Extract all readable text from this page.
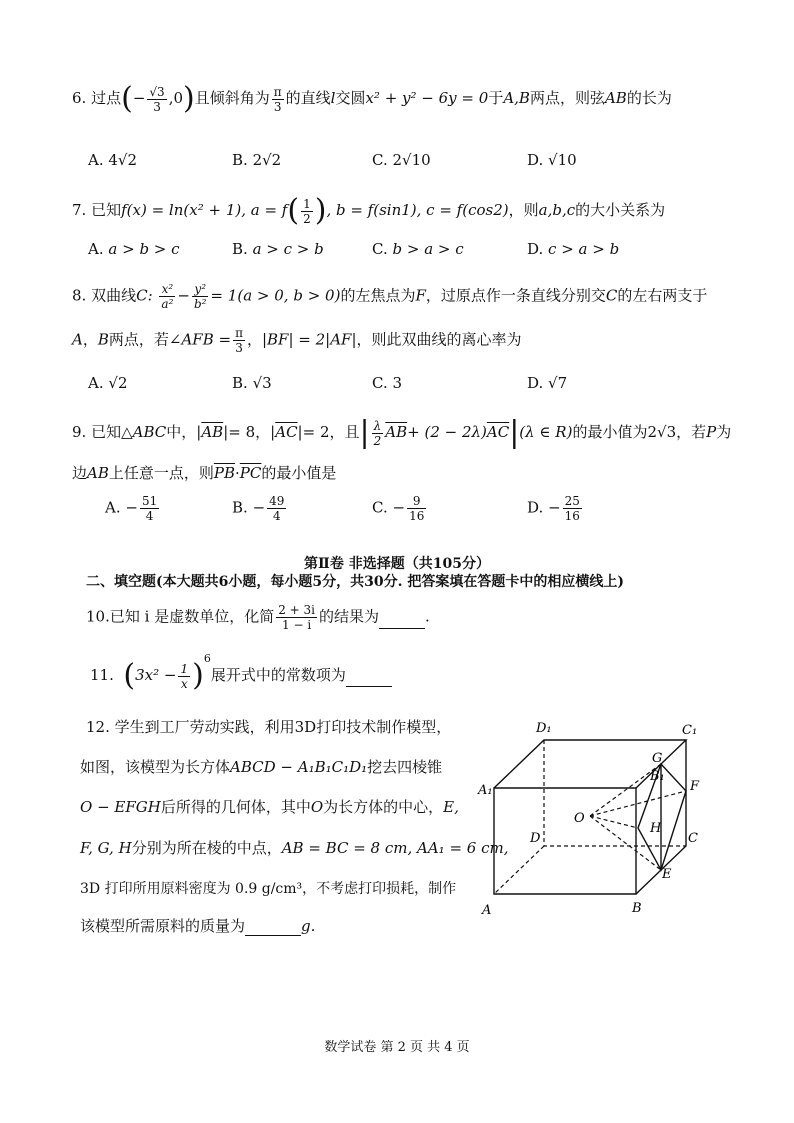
6. 过点(− $\frac{√3}{3} ,0$)且倾斜角为 $\frac{\pi}{3}$ 的直线l交圆x² + y² − 6y = 0于A,B两点，则弦AB的长为
A. 4√2	B. 2√2	C. 2√10	D. √10
7. 已知f(x) = ln(x² + 1), $a = f( \frac{1}{2}$ ), b = f(sin1), c = f(cos2)，则a,b,c的大小关系为
A. a > b > c	B. a > c > b	C. b > a > c	D. c > a > b
8. 双曲线C: $\frac{\text{x²}}{\text{a²}} - \frac{\text{y²}}{\text{b²}} = 1(a > 0$, b > 0)的左焦点为F，过原点作一条直线分别交C的左右两支于
A，B两点，若∠AFB = $\frac{\pi}{3}$ ，|BF| = 2|AF|，则此双曲线的离心率为
A. √2	B. √3	C. 3	D. √7
9. 已知△ABC中，$|\overline{AB}|= 8$，$|\overline{AC}|= 2$，且| $\frac{\lambda}{2} \overline{AB}+ (2 - 2\lambda)\overline{AC}|(\lambda$ ∈ R)的最小值为2√3，若P为
边AB上任意一点，则$\overline{PB}\cdot\overline{PC}$的最小值是
A. − $\frac{51}{4}$	B. − $\frac{49}{4}$	C. − $\frac{9}{16}$	D. − $\frac{25}{16}$
第Ⅱ卷 非选择题（共105分）
二、填空题(本大题共6小题，每小题5分，共30分. 把答案填在答题卡中的相应横线上)
10.已知 i 是虚数单位，化简 $\frac{2 + 3i}{1 - i}$ 的结果为	.
11. $(3x^2 - \frac{1}{x} )^6$展开式中的常数项为
12. 学生到工厂劳动实践，利用3D打印技术制作模型，
如图，该模型为长方体ABCD − A₁B₁C₁D₁挖去四棱锥
O − EFGH后所得的几何体，其中O为长方体的中心，E,
F, G, H分别为所在棱的中点，AB = BC = 8 cm, AA₁ = 6 cm,
3D 打印所用原料密度为 0.9 g/cm³，不考虑打印损耗，制作
该模型所需原料的质量为	g.
D₁	C₁
A₁
B₁
G
F
O
H
D	C
A	B
E
数学试卷 第 2 页 共 4 页
